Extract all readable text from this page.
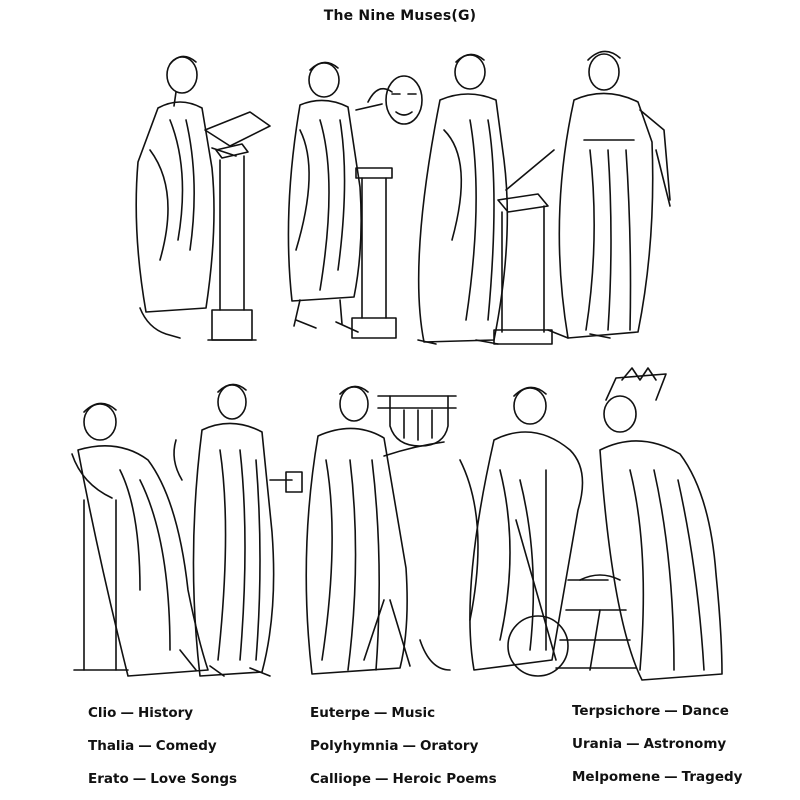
The Nine Muses(G)

Clio — History
Thalia — Comedy
Erato — Love Songs
Euterpe — Music
Polyhymnia — Oratory
Calliope — Heroic Poems
Terpsichore — Dance
Urania — Astronomy
Melpomene — Tragedy
